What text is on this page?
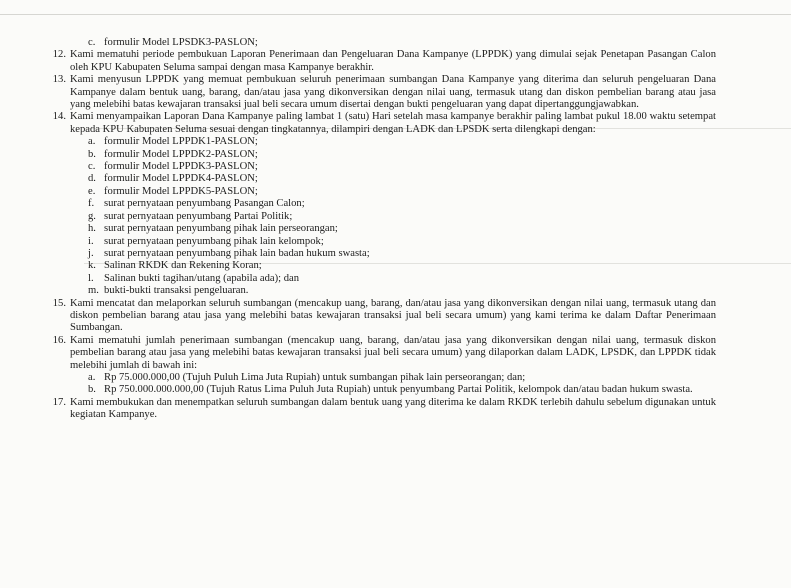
c. formulir Model LPSDK3-PASLON;
12. Kami mematuhi periode pembukuan Laporan Penerimaan dan Pengeluaran Dana Kampanye (LPPDK) yang dimulai sejak Penetapan Pasangan Calon oleh KPU Kabupaten Seluma sampai dengan masa Kampanye berakhir.
13. Kami menyusun LPPDK yang memuat pembukuan seluruh penerimaan sumbangan Dana Kampanye yang diterima dan seluruh pengeluaran Dana Kampanye dalam bentuk uang, barang, dan/atau jasa yang dikonversikan dengan nilai uang, termasuk utang dan diskon pembelian barang atau jasa yang melebihi batas kewajaran transaksi jual beli secara umum disertai dengan bukti pengeluaran yang dapat dipertanggungjawabkan.
14. Kami menyampaikan Laporan Dana Kampanye paling lambat 1 (satu) Hari setelah masa kampanye berakhir paling lambat pukul 18.00 waktu setempat kepada KPU Kabupaten Seluma sesuai dengan tingkatannya, dilampiri dengan LADK dan LPSDK serta dilengkapi dengan:
a. formulir Model LPPDK1-PASLON;
b. formulir Model LPPDK2-PASLON;
c. formulir Model LPPDK3-PASLON;
d. formulir Model LPPDK4-PASLON;
e. formulir Model LPPDK5-PASLON;
f. surat pernyataan penyumbang Pasangan Calon;
g. surat pernyataan penyumbang Partai Politik;
h. surat pernyataan penyumbang pihak lain perseorangan;
i. surat pernyataan penyumbang pihak lain kelompok;
j. surat pernyataan penyumbang pihak lain badan hukum swasta;
k. Salinan RKDK dan Rekening Koran;
l. Salinan bukti tagihan/utang (apabila ada); dan
m. bukti-bukti transaksi pengeluaran.
15. Kami mencatat dan melaporkan seluruh sumbangan (mencakup uang, barang, dan/atau jasa yang dikonversikan dengan nilai uang, termasuk utang dan diskon pembelian barang atau jasa yang melebihi batas kewajaran transaksi jual beli secara umum) yang kami terima ke dalam Daftar Penerimaan Sumbangan.
16. Kami mematuhi jumlah penerimaan sumbangan (mencakup uang, barang, dan/atau jasa yang dikonversikan dengan nilai uang, termasuk diskon pembelian barang atau jasa yang melebihi batas kewajaran transaksi jual beli secara umum) yang dilaporkan dalam LADK, LPSDK, dan LPPDK tidak melebihi jumlah di bawah ini:
a. Rp 75.000.000,00 (Tujuh Puluh Lima Juta Rupiah) untuk sumbangan pihak lain perseorangan; dan;
b. Rp 750.000.000.000,00 (Tujuh Ratus Lima Puluh Juta Rupiah) untuk penyumbang Partai Politik, kelompok dan/atau badan hukum swasta.
17. Kami membukukan dan menempatkan seluruh sumbangan dalam bentuk uang yang diterima ke dalam RKDK terlebih dahulu sebelum digunakan untuk kegiatan Kampanye.
